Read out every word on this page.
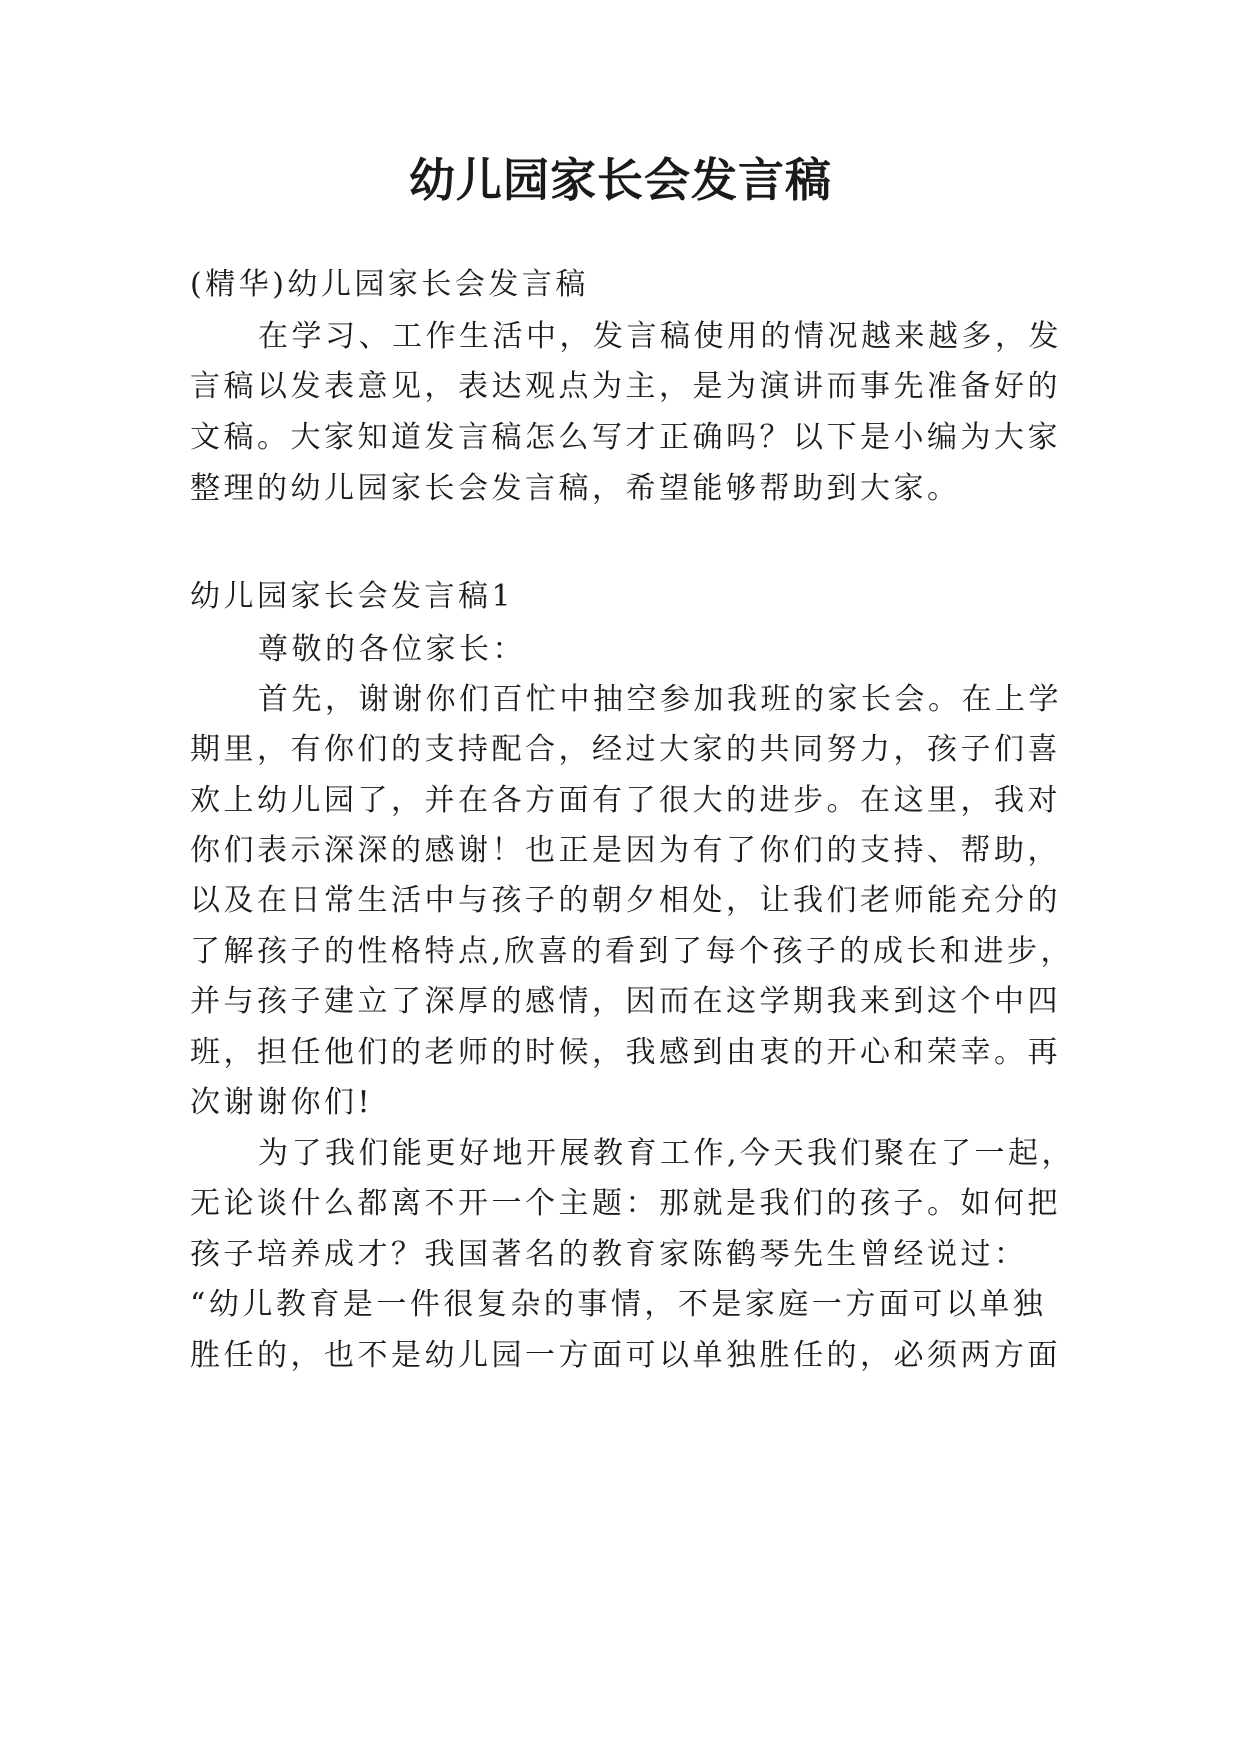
幼儿园家长会发言稿

(精华)幼儿园家长会发言稿

在学习、工作生活中，发言稿使用的情况越来越多，发

言稿以发表意见，表达观点为主，是为演讲而事先准备好的

文稿。大家知道发言稿怎么写才正确吗？以下是小编为大家

整理的幼儿园家长会发言稿，希望能够帮助到大家。

幼儿园家长会发言稿1

尊敬的各位家长：

首先，谢谢你们百忙中抽空参加我班的家长会。在上学

期里，有你们的支持配合，经过大家的共同努力，孩子们喜

欢上幼儿园了，并在各方面有了很大的进步。在这里，我对

你们表示深深的感谢！也正是因为有了你们的支持、帮助，

以及在日常生活中与孩子的朝夕相处，让我们老师能充分的

了解孩子的性格特点,欣喜的看到了每个孩子的成长和进步，

并与孩子建立了深厚的感情，因而在这学期我来到这个中四

班，担任他们的老师的时候，我感到由衷的开心和荣幸。再

次谢谢你们!

为了我们能更好地开展教育工作,今天我们聚在了一起，

无论谈什么都离不开一个主题：那就是我们的孩子。如何把

孩子培养成才？我国著名的教育家陈鹤琴先生曾经说过：

“幼儿教育是一件很复杂的事情，不是家庭一方面可以单独

胜任的，也不是幼儿园一方面可以单独胜任的，必须两方面
